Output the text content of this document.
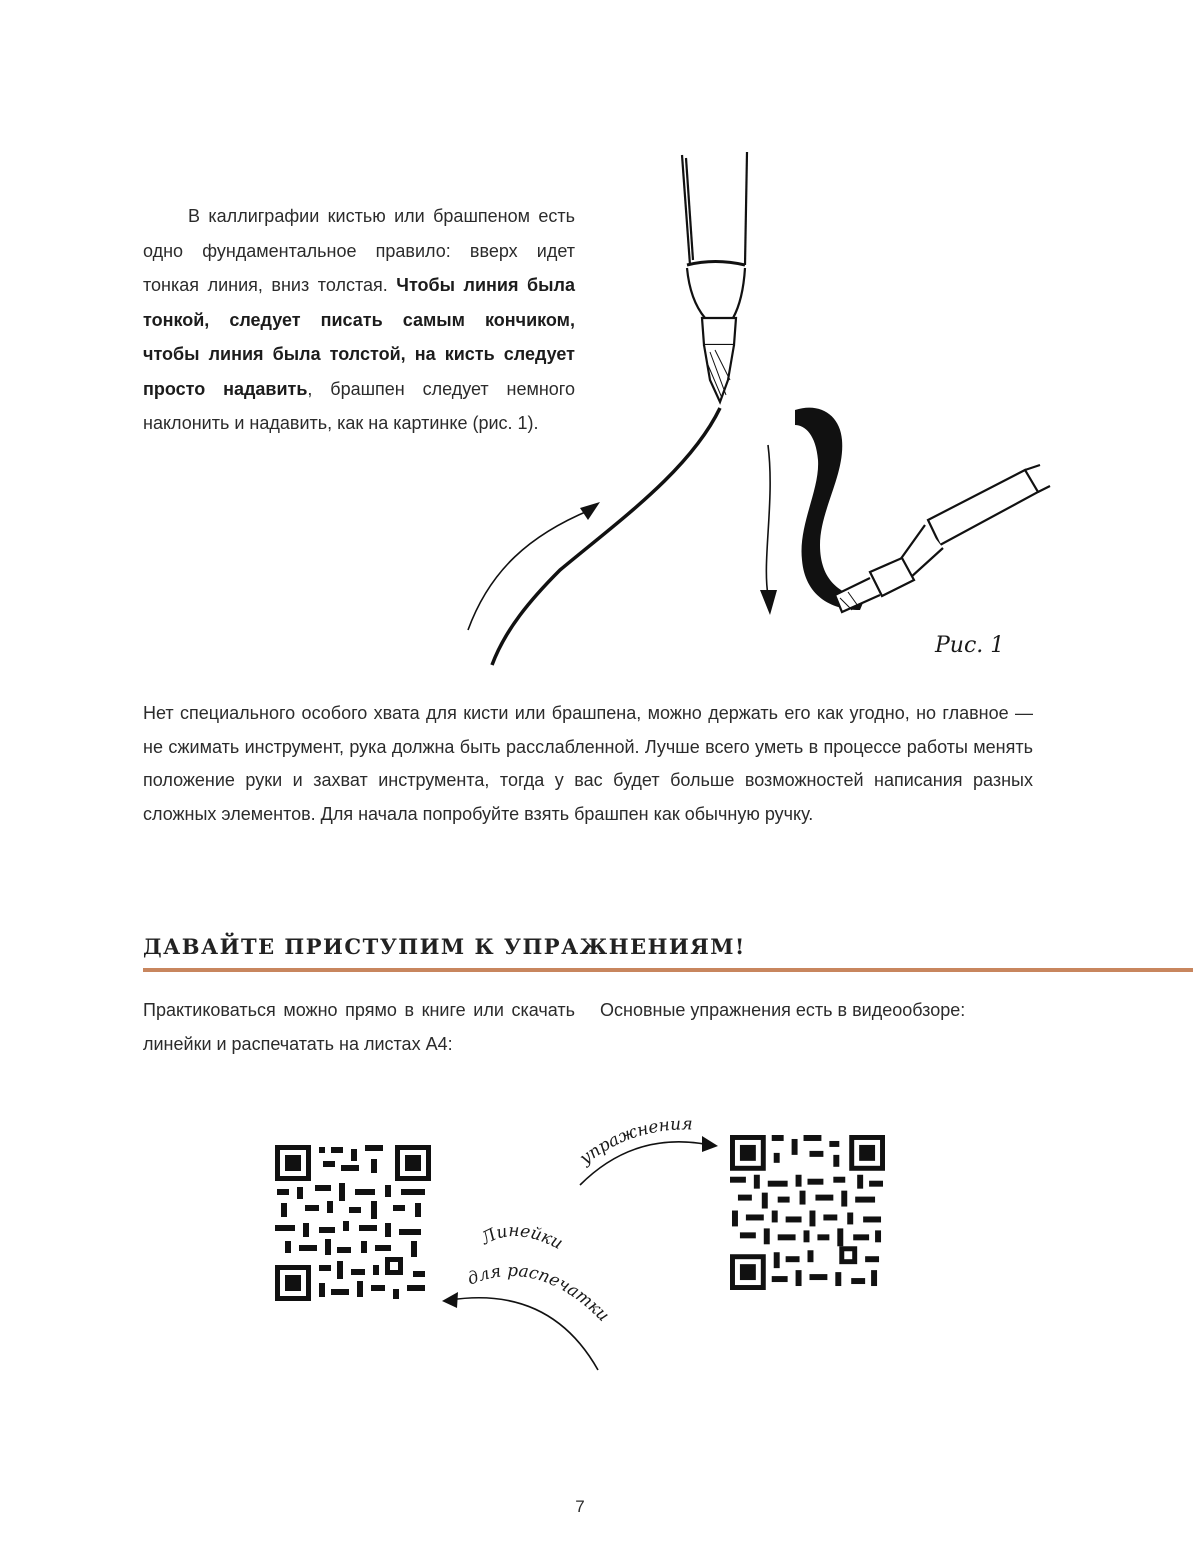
В каллиграфии кистью или брашпеном есть одно фундаментальное правило: вверх идет тонкая линия, вниз толстая. Чтобы линия была тонкой, следует писать самым кончиком, чтобы линия была толстой, на кисть следует просто надавить, брашпен следует немного наклонить и надавить, как на картинке (рис. 1).

Рис. 1

Нет специального особого хвата для кисти или брашпена, можно держать его как угодно, но главное — не сжимать инструмент, рука должна быть расслабленной. Лучше всего уметь в процессе работы менять положение руки и захват инструмента, тогда у вас будет больше возможностей написания разных сложных элементов. Для начала попробуйте взять брашпен как обычную ручку.

ДАВАЙТЕ ПРИСТУПИМ К УПРАЖНЕНИЯМ!

Практиковаться можно прямо в книге или скачать линейки и распечатать на листах А4:

Основные упражнения есть в видеообзоре:

упражнения
Линейки
для распечатки

7
